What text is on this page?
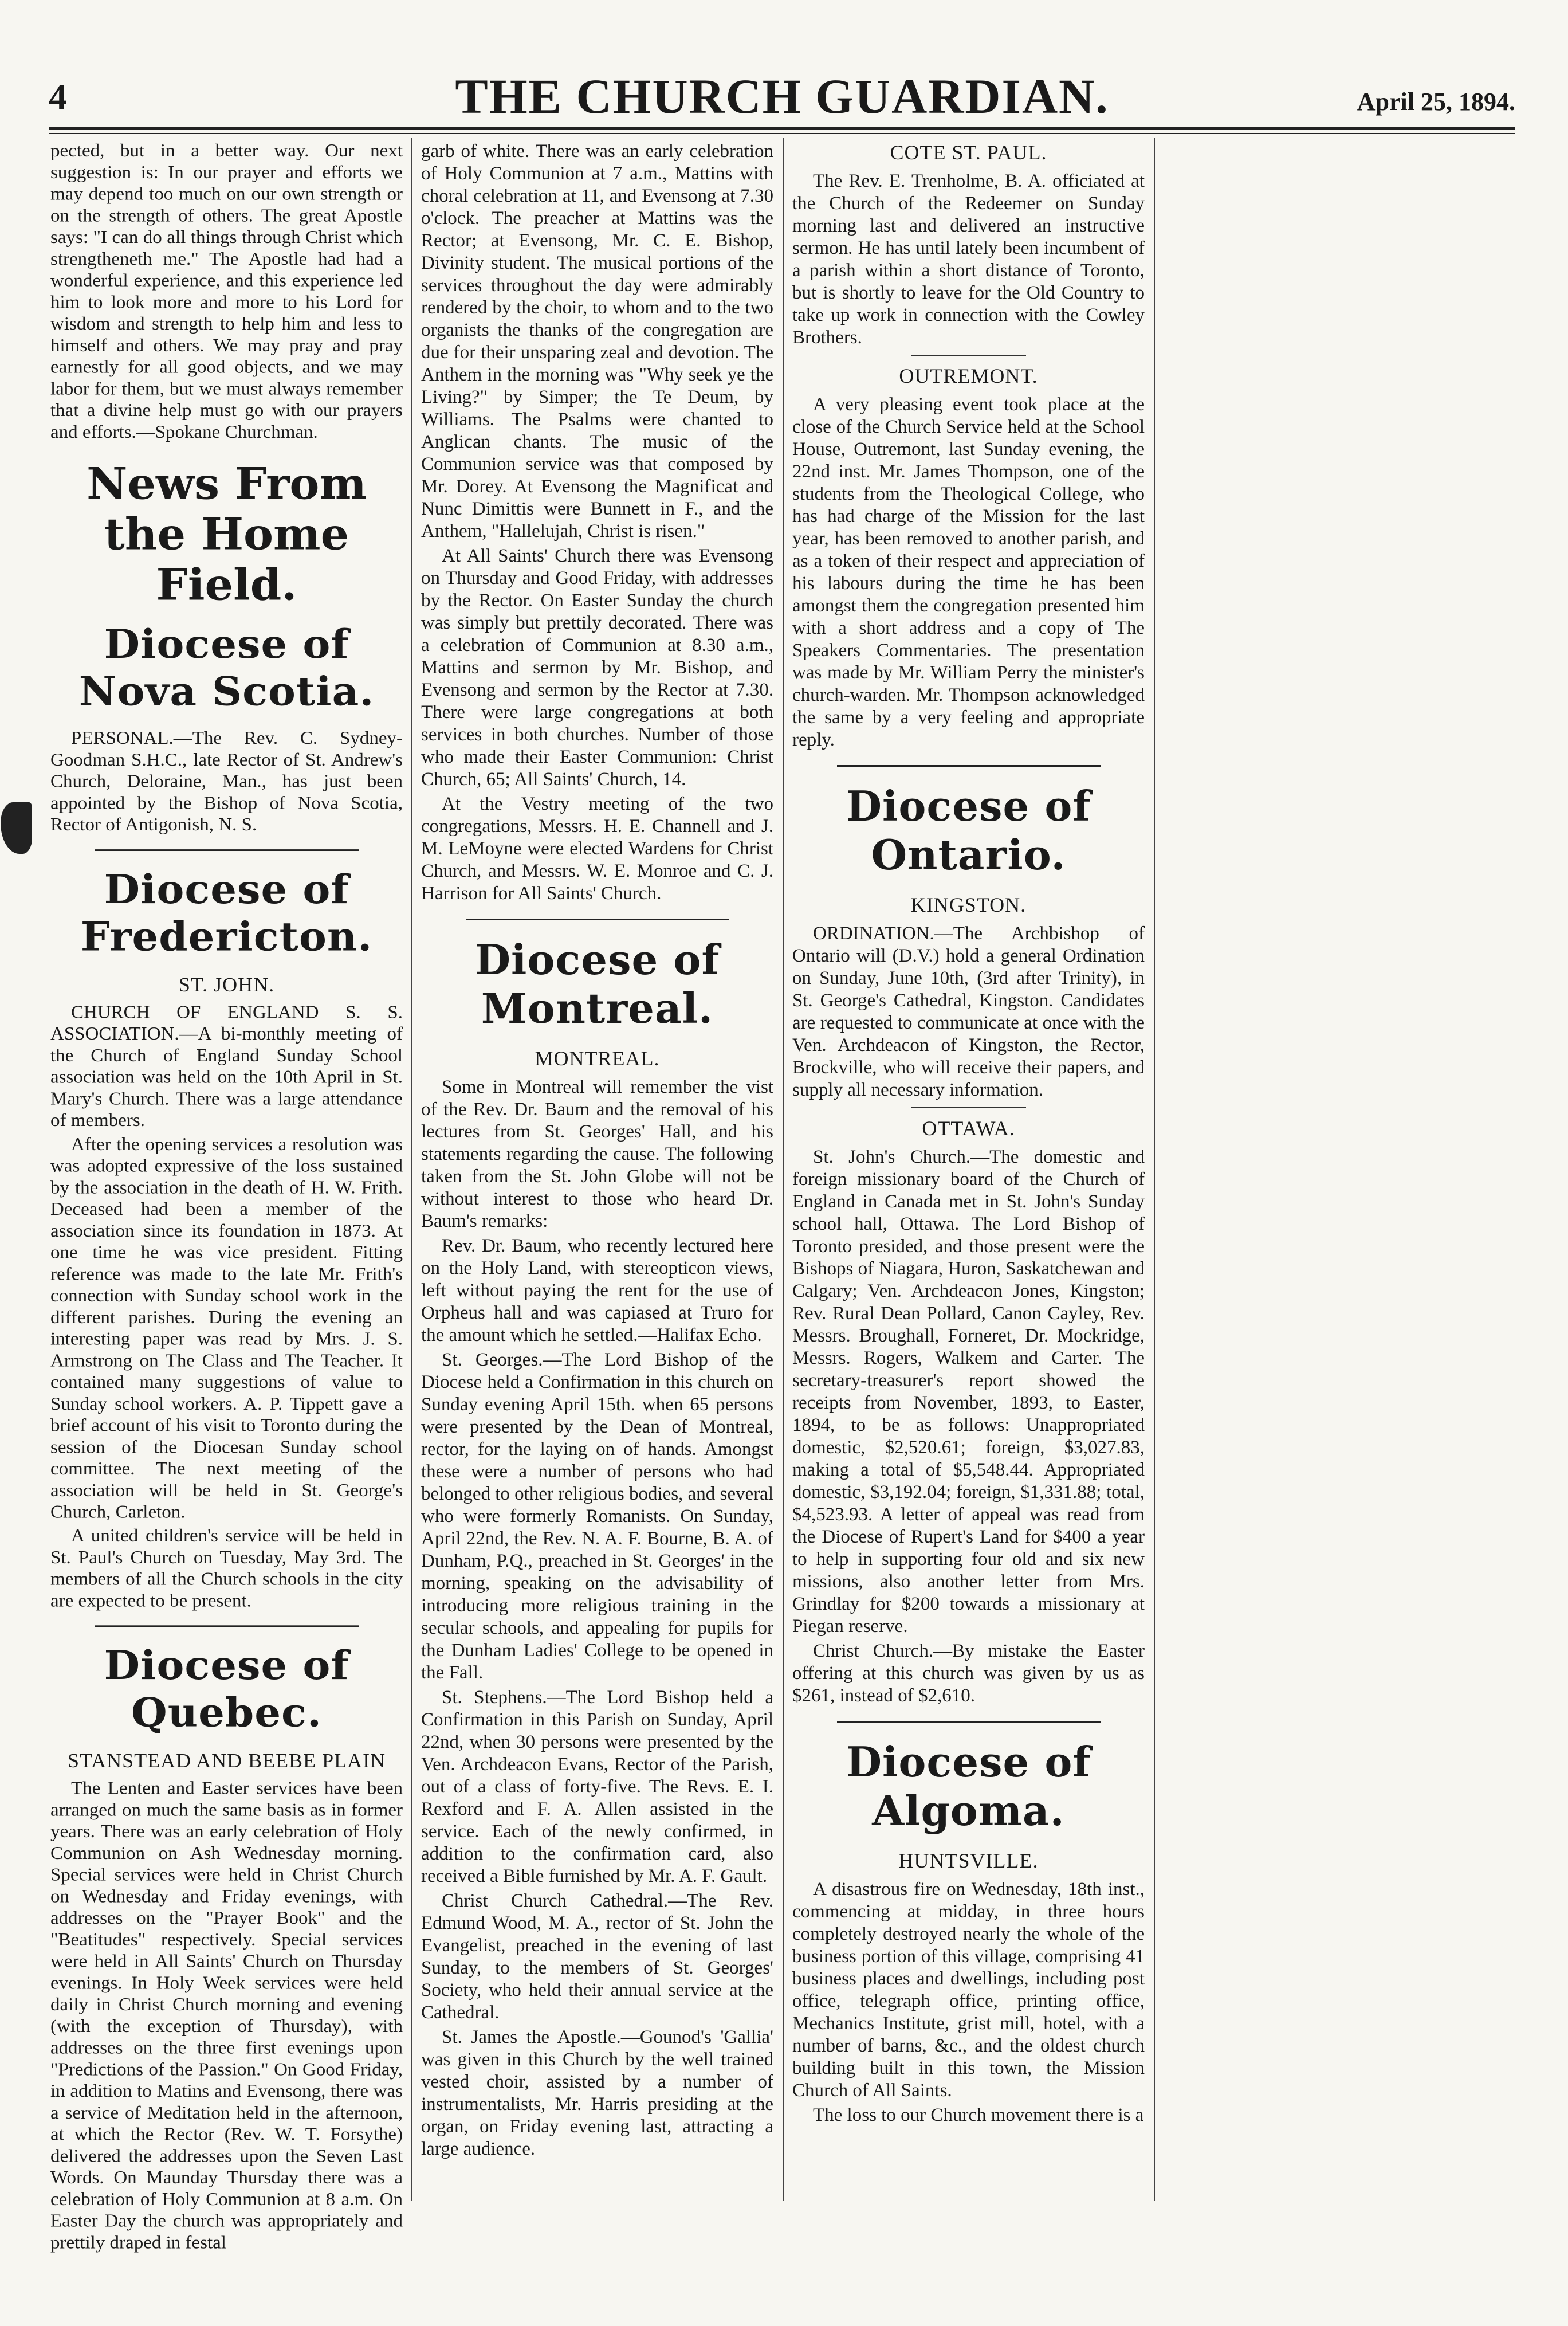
4	THE CHURCH GUARDIAN.	April 25, 1894.

pected, but in a better way. Our next suggestion is: In our prayer and efforts we may depend too much on our own strength or on the strength of others. The great Apostle says: "I can do all things through Christ which strengtheneth me." The Apostle had had a wonderful experience, and this experience led him to look more and more to his Lord for wisdom and strength to help him and less to himself and others. We may pray and pray earnestly for all good objects, and we may labor for them, but we must always remember that a divine help must go with our prayers and efforts.—Spokane Churchman.

News From the Home Field.
Diocese of Nova Scotia.

PERSONAL.—The Rev. C. Sydney-Goodman S.H.C., late Rector of St. Andrew's Church, Deloraine, Man., has just been appointed by the Bishop of Nova Scotia, Rector of Antigonish, N. S.

Diocese of Fredericton.
ST. JOHN.

CHURCH OF ENGLAND S. S. ASSOCIATION.—A bi-monthly meeting of the Church of England Sunday School association was held on the 10th April in St. Mary's Church. There was a large attendance of members.

After the opening services a resolution was was adopted expressive of the loss sustained by the association in the death of H. W. Frith. Deceased had been a member of the association since its foundation in 1873. At one time he was vice president. Fitting reference was made to the late Mr. Frith's connection with Sunday school work in the different parishes. During the evening an interesting paper was read by Mrs. J. S. Armstrong on The Class and The Teacher. It contained many suggestions of value to Sunday school workers. A. P. Tippett gave a brief account of his visit to Toronto during the session of the Diocesan Sunday school committee. The next meeting of the association will be held in St. George's Church, Carleton.

A united children's service will be held in St. Paul's Church on Tuesday, May 3rd. The members of all the Church schools in the city are expected to be present.

Diocese of Quebec.
STANSTEAD AND BEEBE PLAIN

The Lenten and Easter services have been arranged on much the same basis as in former years. There was an early celebration of Holy Communion on Ash Wednesday morning. Special services were held in Christ Church on Wednesday and Friday evenings, with addresses on the "Prayer Book" and the "Beatitudes" respectively. Special services were held in All Saints' Church on Thursday evenings. In Holy Week services were held daily in Christ Church morning and evening (with the exception of Thursday), with addresses on the three first evenings upon "Predictions of the Passion." On Good Friday, in addition to Matins and Evensong, there was a service of Meditation held in the afternoon, at which the Rector (Rev. W. T. Forsythe) delivered the addresses upon the Seven Last Words. On Maunday Thursday there was a celebration of Holy Communion at 8 a.m. On Easter Day the church was appropriately and prettily draped in festal

garb of white. There was an early celebration of Holy Communion at 7 a.m., Mattins with choral celebration at 11, and Evensong at 7.30 o'clock. The preacher at Mattins was the Rector; at Evensong, Mr. C. E. Bishop, Divinity student. The musical portions of the services throughout the day were admirably rendered by the choir, to whom and to the two organists the thanks of the congregation are due for their unsparing zeal and devotion. The Anthem in the morning was "Why seek ye the Living?" by Simper; the Te Deum, by Williams. The Psalms were chanted to Anglican chants. The music of the Communion service was that composed by Mr. Dorey. At Evensong the Magnificat and Nunc Dimittis were Bunnett in F., and the Anthem, "Hallelujah, Christ is risen."

At All Saints' Church there was Evensong on Thursday and Good Friday, with addresses by the Rector. On Easter Sunday the church was simply but prettily decorated. There was a celebration of Communion at 8.30 a.m., Mattins and sermon by Mr. Bishop, and Evensong and sermon by the Rector at 7.30. There were large congregations at both services in both churches. Number of those who made their Easter Communion: Christ Church, 65; All Saints' Church, 14.

At the Vestry meeting of the two congregations, Messrs. H. E. Channell and J. M. LeMoyne were elected Wardens for Christ Church, and Messrs. W. E. Monroe and C. J. Harrison for All Saints' Church.

Diocese of Montreal.
MONTREAL.

Some in Montreal will remember the vist of the Rev. Dr. Baum and the removal of his lectures from St. Georges' Hall, and his statements regarding the cause. The following taken from the St. John Globe will not be without interest to those who heard Dr. Baum's remarks:

Rev. Dr. Baum, who recently lectured here on the Holy Land, with stereopticon views, left without paying the rent for the use of Orpheus hall and was capiased at Truro for the amount which he settled.—Halifax Echo.

St. Georges.—The Lord Bishop of the Diocese held a Confirmation in this church on Sunday evening April 15th. when 65 persons were presented by the Dean of Montreal, rector, for the laying on of hands. Amongst these were a number of persons who had belonged to other religious bodies, and several who were formerly Romanists. On Sunday, April 22nd, the Rev. N. A. F. Bourne, B. A. of Dunham, P.Q., preached in St. Georges' in the morning, speaking on the advisability of introducing more religious training in the secular schools, and appealing for pupils for the Dunham Ladies' College to be opened in the Fall.

St. Stephens.—The Lord Bishop held a Confirmation in this Parish on Sunday, April 22nd, when 30 persons were presented by the Ven. Archdeacon Evans, Rector of the Parish, out of a class of forty-five. The Revs. E. I. Rexford and F. A. Allen assisted in the service. Each of the newly confirmed, in addition to the confirmation card, also received a Bible furnished by Mr. A. F. Gault.

Christ Church Cathedral.—The Rev. Edmund Wood, M. A., rector of St. John the Evangelist, preached in the evening of last Sunday, to the members of St. Georges' Society, who held their annual service at the Cathedral.

St. James the Apostle.—Gounod's 'Gallia' was given in this Church by the well trained vested choir, assisted by a number of instrumentalists, Mr. Harris presiding at the organ, on Friday evening last, attracting a large audience.

COTE ST. PAUL.

The Rev. E. Trenholme, B. A. officiated at the Church of the Redeemer on Sunday morning last and delivered an instructive sermon. He has until lately been incumbent of a parish within a short distance of Toronto, but is shortly to leave for the Old Country to take up work in connection with the Cowley Brothers.

OUTREMONT.

A very pleasing event took place at the close of the Church Service held at the School House, Outremont, last Sunday evening, the 22nd inst. Mr. James Thompson, one of the students from the Theological College, who has had charge of the Mission for the last year, has been removed to another parish, and as a token of their respect and appreciation of his labours during the time he has been amongst them the congregation presented him with a short address and a copy of The Speakers Commentaries. The presentation was made by Mr. William Perry the minister's church-warden. Mr. Thompson acknowledged the same by a very feeling and appropriate reply.

Diocese of Ontario.
KINGSTON.

ORDINATION.—The Archbishop of Ontario will (D.V.) hold a general Ordination on Sunday, June 10th, (3rd after Trinity), in St. George's Cathedral, Kingston. Candidates are requested to communicate at once with the Ven. Archdeacon of Kingston, the Rector, Brockville, who will receive their papers, and supply all necessary information.

OTTAWA.

St. John's Church.—The domestic and foreign missionary board of the Church of England in Canada met in St. John's Sunday school hall, Ottawa. The Lord Bishop of Toronto presided, and those present were the Bishops of Niagara, Huron, Saskatchewan and Calgary; Ven. Archdeacon Jones, Kingston; Rev. Rural Dean Pollard, Canon Cayley, Rev. Messrs. Broughall, Forneret, Dr. Mockridge, Messrs. Rogers, Walkem and Carter. The secretary-treasurer's report showed the receipts from November, 1893, to Easter, 1894, to be as follows: Unappropriated domestic, $2,520.61; foreign, $3,027.83, making a total of $5,548.44. Appropriated domestic, $3,192.04; foreign, $1,331.88; total, $4,523.93. A letter of appeal was read from the Diocese of Rupert's Land for $400 a year to help in supporting four old and six new missions, also another letter from Mrs. Grindlay for $200 towards a missionary at Piegan reserve.

Christ Church.—By mistake the Easter offering at this church was given by us as $261, instead of $2,610.

Diocese of Algoma.
HUNTSVILLE.

A disastrous fire on Wednesday, 18th inst., commencing at midday, in three hours completely destroyed nearly the whole of the business portion of this village, comprising 41 business places and dwellings, including post office, telegraph office, printing office, Mechanics Institute, grist mill, hotel, with a number of barns, &c., and the oldest church building built in this town, the Mission Church of All Saints.

The loss to our Church movement there is a
